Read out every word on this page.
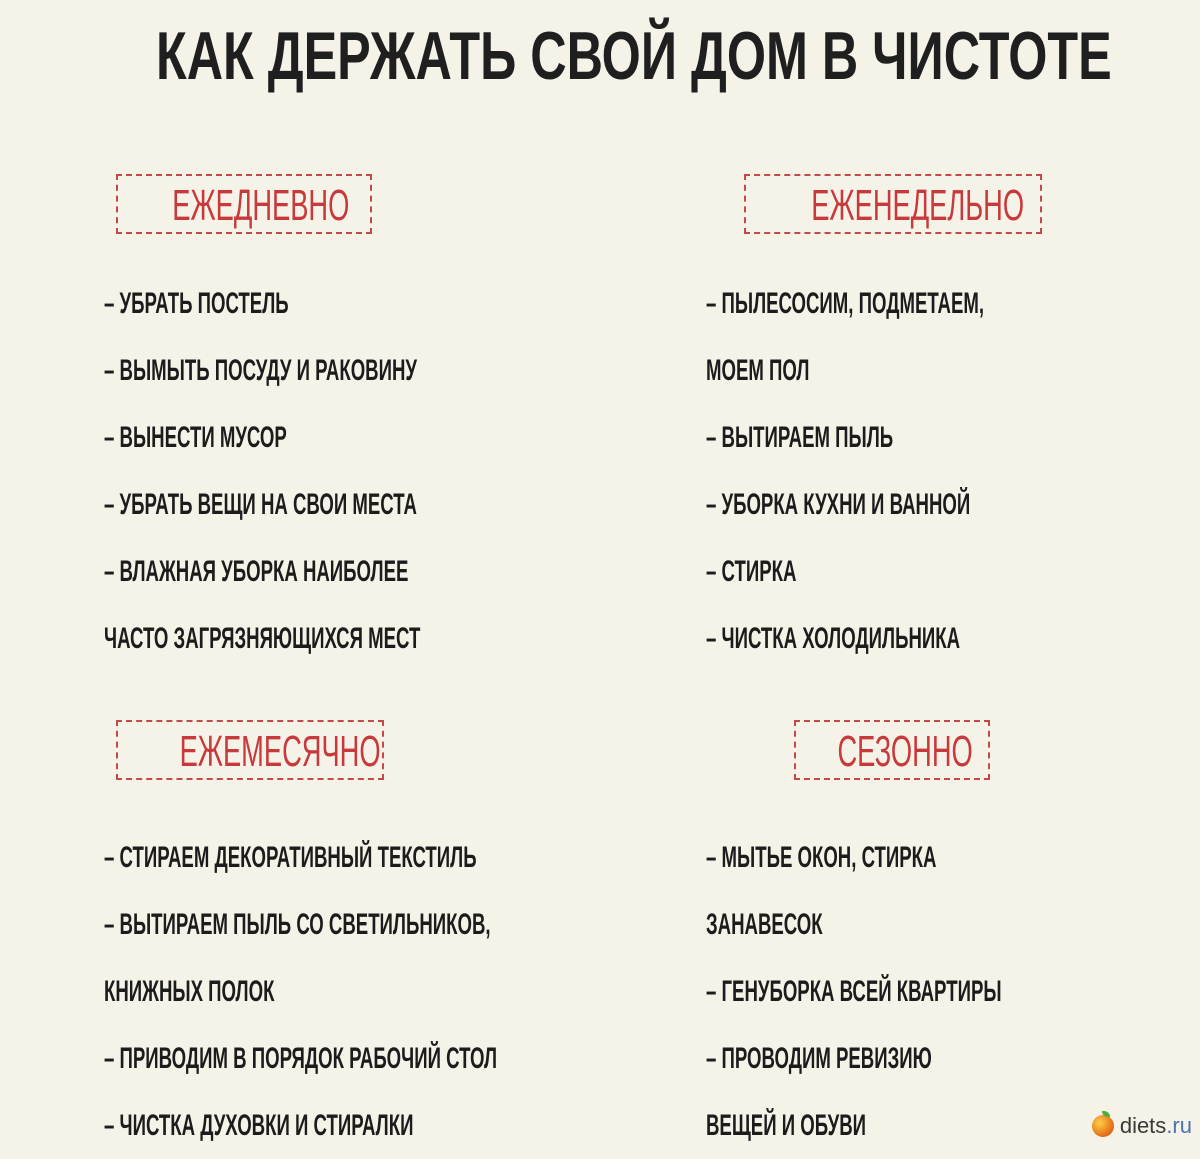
КАК ДЕРЖАТЬ СВОЙ ДОМ В ЧИСТОТЕ
ЕЖЕДНЕВНО
– УБРАТЬ ПОСТЕЛЬ
– ВЫМЫТЬ ПОСУДУ И РАКОВИНУ
– ВЫНЕСТИ МУСОР
– УБРАТЬ ВЕЩИ НА СВОИ МЕСТА
– ВЛАЖНАЯ УБОРКА НАИБОЛЕЕ
ЧАСТО ЗАГРЯЗНЯЮЩИХСЯ МЕСТ
ЕЖЕНЕДЕЛЬНО
– ПЫЛЕСОСИМ, ПОДМЕТАЕМ,
МОЕМ ПОЛ
– ВЫТИРАЕМ ПЫЛЬ
– УБОРКА КУХНИ И ВАННОЙ
– СТИРКА
– ЧИСТКА ХОЛОДИЛЬНИКА
ЕЖЕМЕСЯЧНО
– СТИРАЕМ ДЕКОРАТИВНЫЙ ТЕКСТИЛЬ
– ВЫТИРАЕМ ПЫЛЬ СО СВЕТИЛЬНИКОВ,
КНИЖНЫХ ПОЛОК
– ПРИВОДИМ В ПОРЯДОК РАБОЧИЙ СТОЛ
– ЧИСТКА ДУХОВКИ И СТИРАЛКИ
СЕЗОННО
– МЫТЬЕ ОКОН, СТИРКА
ЗАНАВЕСОК
– ГЕНУБОРКА ВСЕЙ КВАРТИРЫ
– ПРОВОДИМ РЕВИЗИЮ
ВЕЩЕЙ И ОБУВИ	diets.ru
